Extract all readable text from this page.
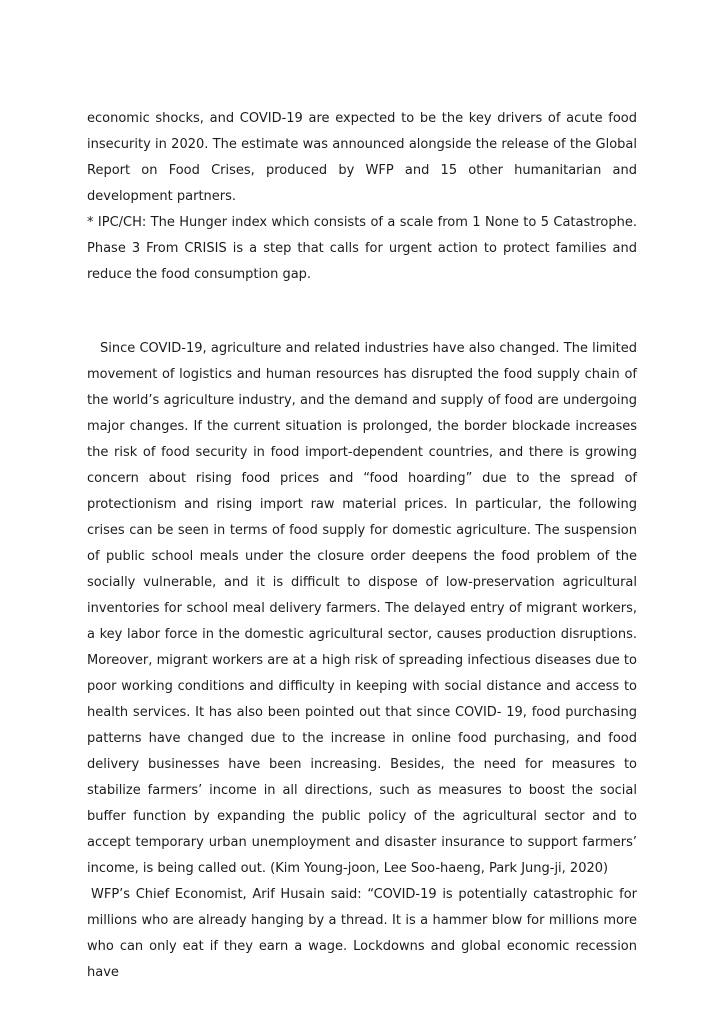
economic shocks, and COVID-19 are expected to be the key drivers of acute food insecurity in 2020. The estimate was announced alongside the release of the Global Report on Food Crises, produced by WFP and 15 other humanitarian and development partners.

* IPC/CH: The Hunger index which consists of a scale from 1 None to 5 Catastrophe. Phase 3 From CRISIS is a step that calls for urgent action to protect families and reduce the food consumption gap.

Since COVID-19, agriculture and related industries have also changed. The limited movement of logistics and human resources has disrupted the food supply chain of the world’s agriculture industry, and the demand and supply of food are undergoing major changes. If the current situation is prolonged, the border blockade increases the risk of food security in food import-dependent countries, and there is growing concern about rising food prices and “food hoarding” due to the spread of protectionism and rising import raw material prices. In particular, the following crises can be seen in terms of food supply for domestic agriculture. The suspension of public school meals under the closure order deepens the food problem of the socially vulnerable, and it is difficult to dispose of low-preservation agricultural inventories for school meal delivery farmers. The delayed entry of migrant workers, a key labor force in the domestic agricultural sector, causes production disruptions. Moreover, migrant workers are at a high risk of spreading infectious diseases due to poor working conditions and difficulty in keeping with social distance and access to health services. It has also been pointed out that since COVID- 19, food purchasing patterns have changed due to the increase in online food purchasing, and food delivery businesses have been increasing. Besides, the need for measures to stabilize farmers’ income in all directions, such as measures to boost the social buffer function by expanding the public policy of the agricultural sector and to accept temporary urban unemployment and disaster insurance to support farmers’ income, is being called out. (Kim Young-joon, Lee Soo-haeng, Park Jung-ji, 2020)

WFP’s Chief Economist, Arif Husain said: “COVID-19 is potentially catastrophic for millions who are already hanging by a thread. It is a hammer blow for millions more who can only eat if they earn a wage. Lockdowns and global economic recession have
